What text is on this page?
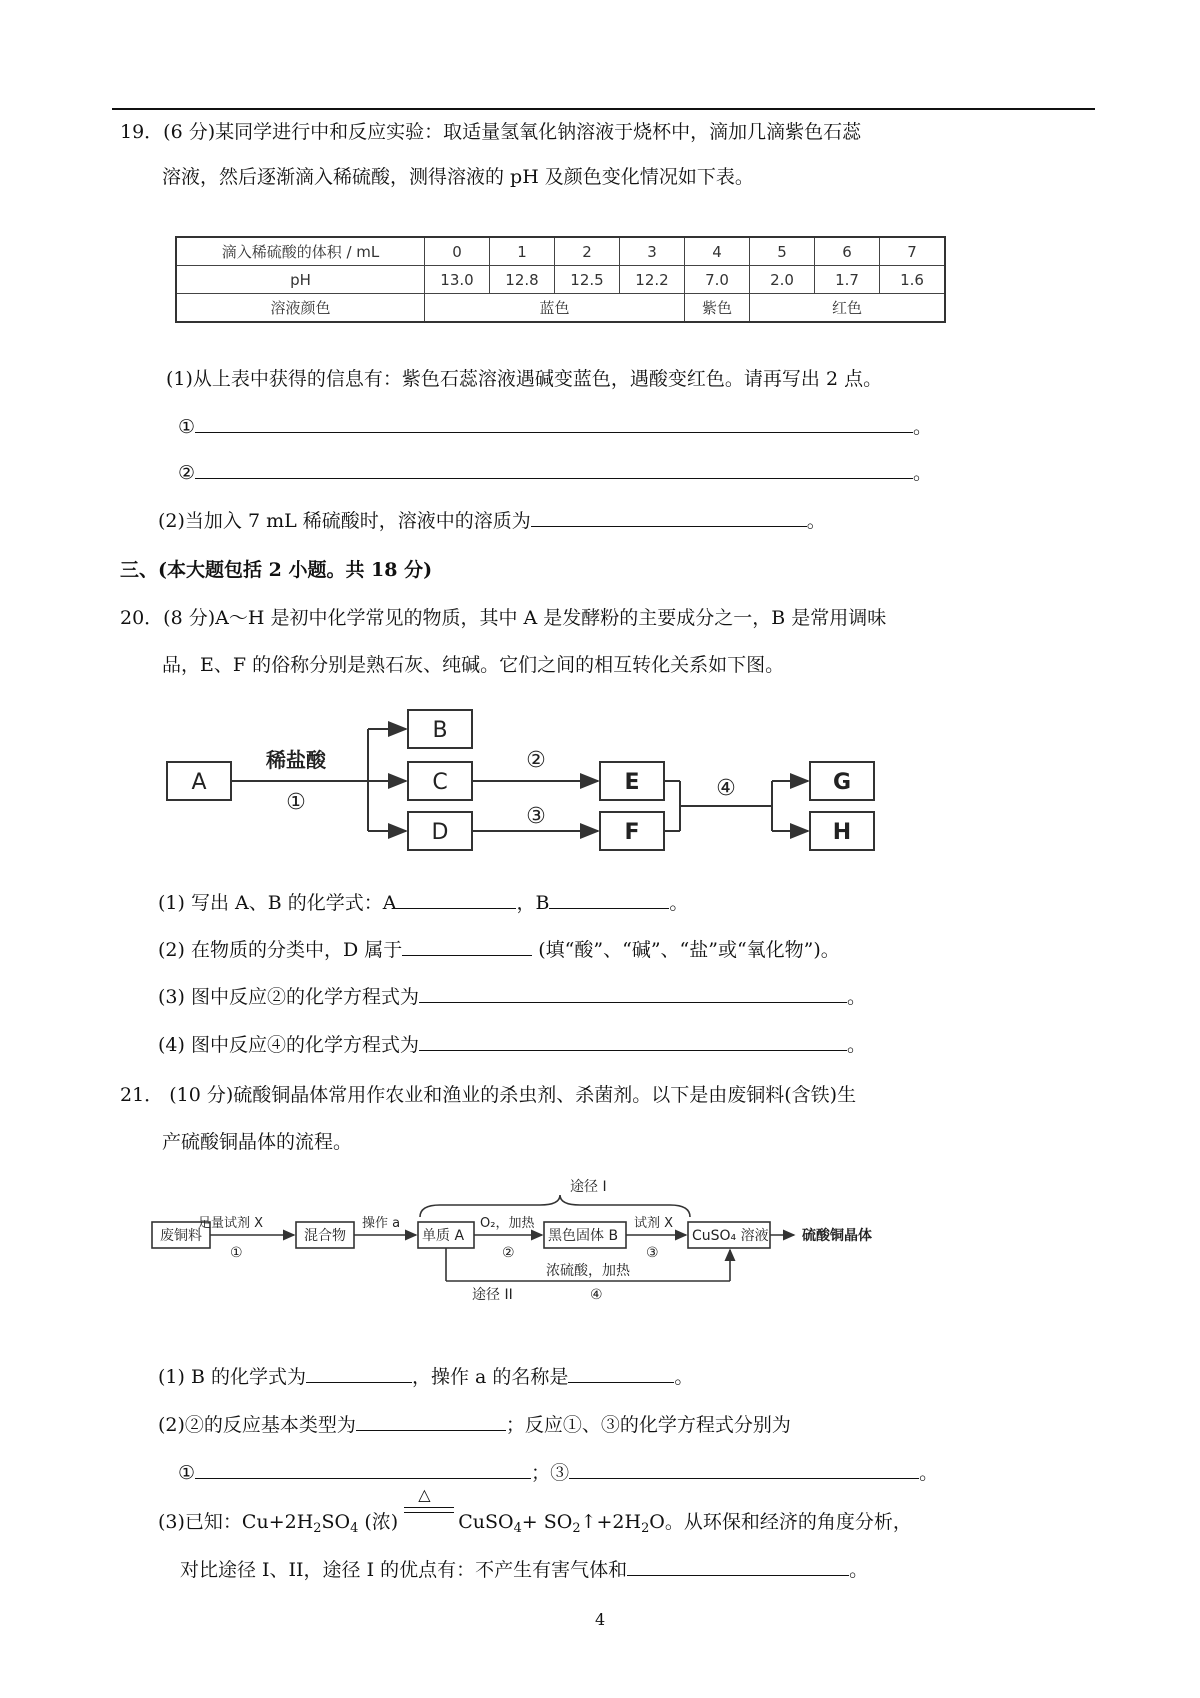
19．(6 分)某同学进行中和反应实验：取适量氢氧化钠溶液于烧杯中，滴加几滴紫色石蕊
溶液，然后逐渐滴入稀硫酸，测得溶液的 pH 及颜色变化情况如下表。
滴入稀硫酸的体积 / mL	0	1	2	3	4	5	6	7
pH	13.0	12.8	12.5	12.2	7.0	2.0	1.7	1.6
溶液颜色	蓝色				紫色	红色		
(1)从上表中获得的信息有：紫色石蕊溶液遇碱变蓝色，遇酸变红色。请再写出 2 点。
①	。
②	。
(2)当加入 7 mL 稀硫酸时，溶液中的溶质为	。
三、(本大题包括 2 小题。共 18 分)
20．(8 分)A～H 是初中化学常见的物质，其中 A 是发酵粉的主要成分之一，B 是常用调味
品，E、F 的俗称分别是熟石灰、纯碱。它们之间的相互转化关系如下图。
A
B
C
D
E
F
G
H
稀盐酸
①
②
③
④
(1) 写出 A、B 的化学式：A	，B	。
(2) 在物质的分类中，D 属于	(填“酸”、“碱”、“盐”或“氧化物”)。
(3) 图中反应②的化学方程式为	。
(4) 图中反应④的化学方程式为	。
21． (10 分)硫酸铜晶体常用作农业和渔业的杀虫剂、杀菌剂。以下是由废铜料(含铁)生
产硫酸铜晶体的流程。
途径 I
废铜料
足量试剂 X
①
混合物
操作 a
单质 A
O₂，加热
②
黑色固体 B
试剂 X
③
CuSO₄ 溶液 硫酸铜晶体
浓硫酸，加热
途径 II	④
(1) B 的化学式为	，操作 a 的名称是	。
(2)②的反应基本类型为	；反应①、③的化学方程式分别为
①	；③	。
(3)已知：$Cu+2H_2SO_4$ (浓)
△
CuSO$_4$+ $SO_2↑+2H_2O$。从环保和经济的角度分析，
对比途径 I、II，途径 I 的优点有：不产生有害气体和	。
4
